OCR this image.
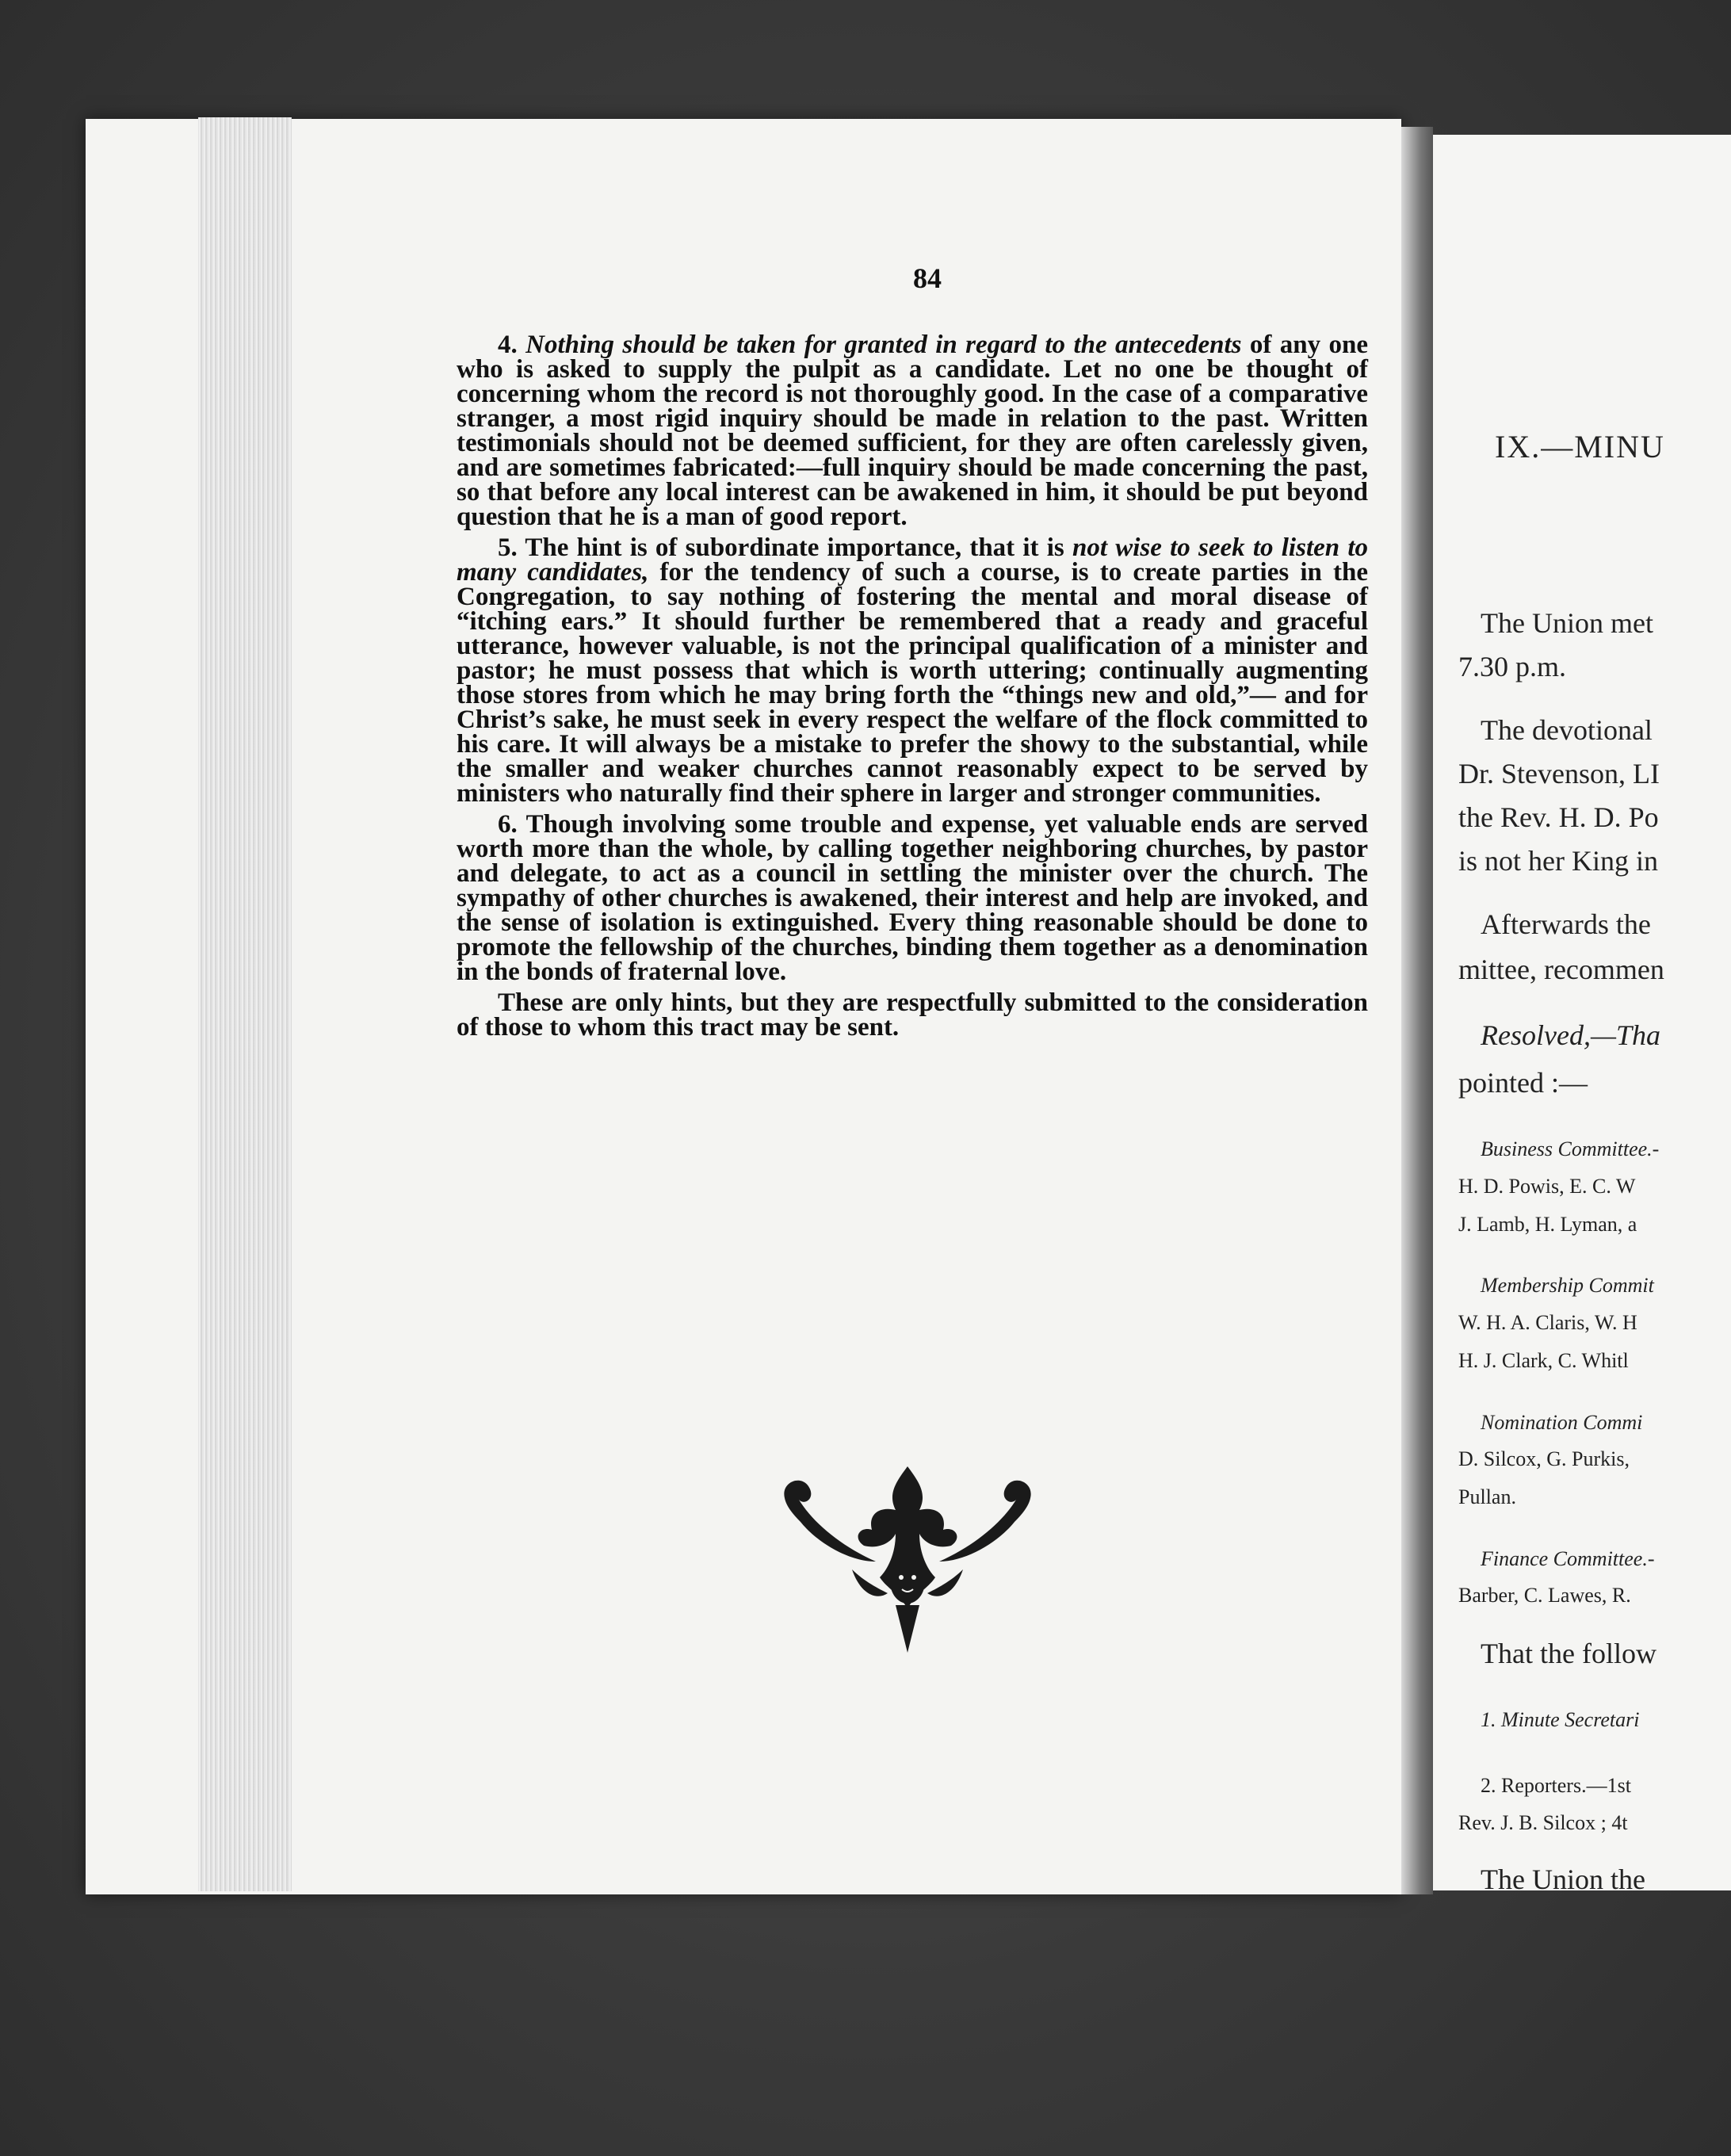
84

4. Nothing should be taken for granted in regard to the antecedents of any one who is asked to supply the pulpit as a candidate. Let no one be thought of concerning whom the record is not thoroughly good. In the case of a comparative stranger, a most rigid inquiry should be made in relation to the past. Written testimonials should not be deemed sufficient, for they are often carelessly given, and are sometimes fabricated:—full inquiry should be made concerning the past, so that before any local interest can be awakened in him, it should be put beyond question that he is a man of good report.

5. The hint is of subordinate importance, that it is not wise to seek to listen to many candidates, for the tendency of such a course, is to create parties in the Congregation, to say nothing of fostering the mental and moral disease of “itching ears.” It should further be remembered that a ready and graceful utterance, however valuable, is not the principal qualification of a minister and pastor; he must possess that which is worth uttering; continually augmenting those stores from which he may bring forth the “things new and old,”— and for Christ’s sake, he must seek in every respect the welfare of the flock committed to his care. It will always be a mistake to prefer the showy to the substantial, while the smaller and weaker churches cannot reasonably expect to be served by ministers who naturally find their sphere in larger and stronger communities.

6. Though involving some trouble and expense, yet valuable ends are served worth more than the whole, by calling together neighboring churches, by pastor and delegate, to act as a council in settling the minister over the church. The sympathy of other churches is awakened, their interest and help are invoked, and the sense of isolation is extinguished. Every thing reasonable should be done to promote the fellowship of the churches, binding them together as a denomination in the bonds of fraternal love.

These are only hints, but they are respectfully submitted to the consideration of those to whom this tract may be sent.

IX.—MINU
The Union met
7.30 p.m.
The devotional
Dr. Stevenson, LI
the Rev. H. D. Po
is not her King in
Afterwards the
mittee, recommen
Resolved,—Tha
pointed :—
Business Committee.-
H. D. Powis, E. C. W
J. Lamb, H. Lyman, a
Membership Commit
W. H. A. Claris, W. H
H. J. Clark, C. Whitl
Nomination Commi
D. Silcox, G. Purkis,
Pullan.
Finance Committee.-
Barber, C. Lawes, R.
That the follow
1. Minute Secretari
2. Reporters.—1st
Rev. J. B. Silcox ; 4t
The Union the
